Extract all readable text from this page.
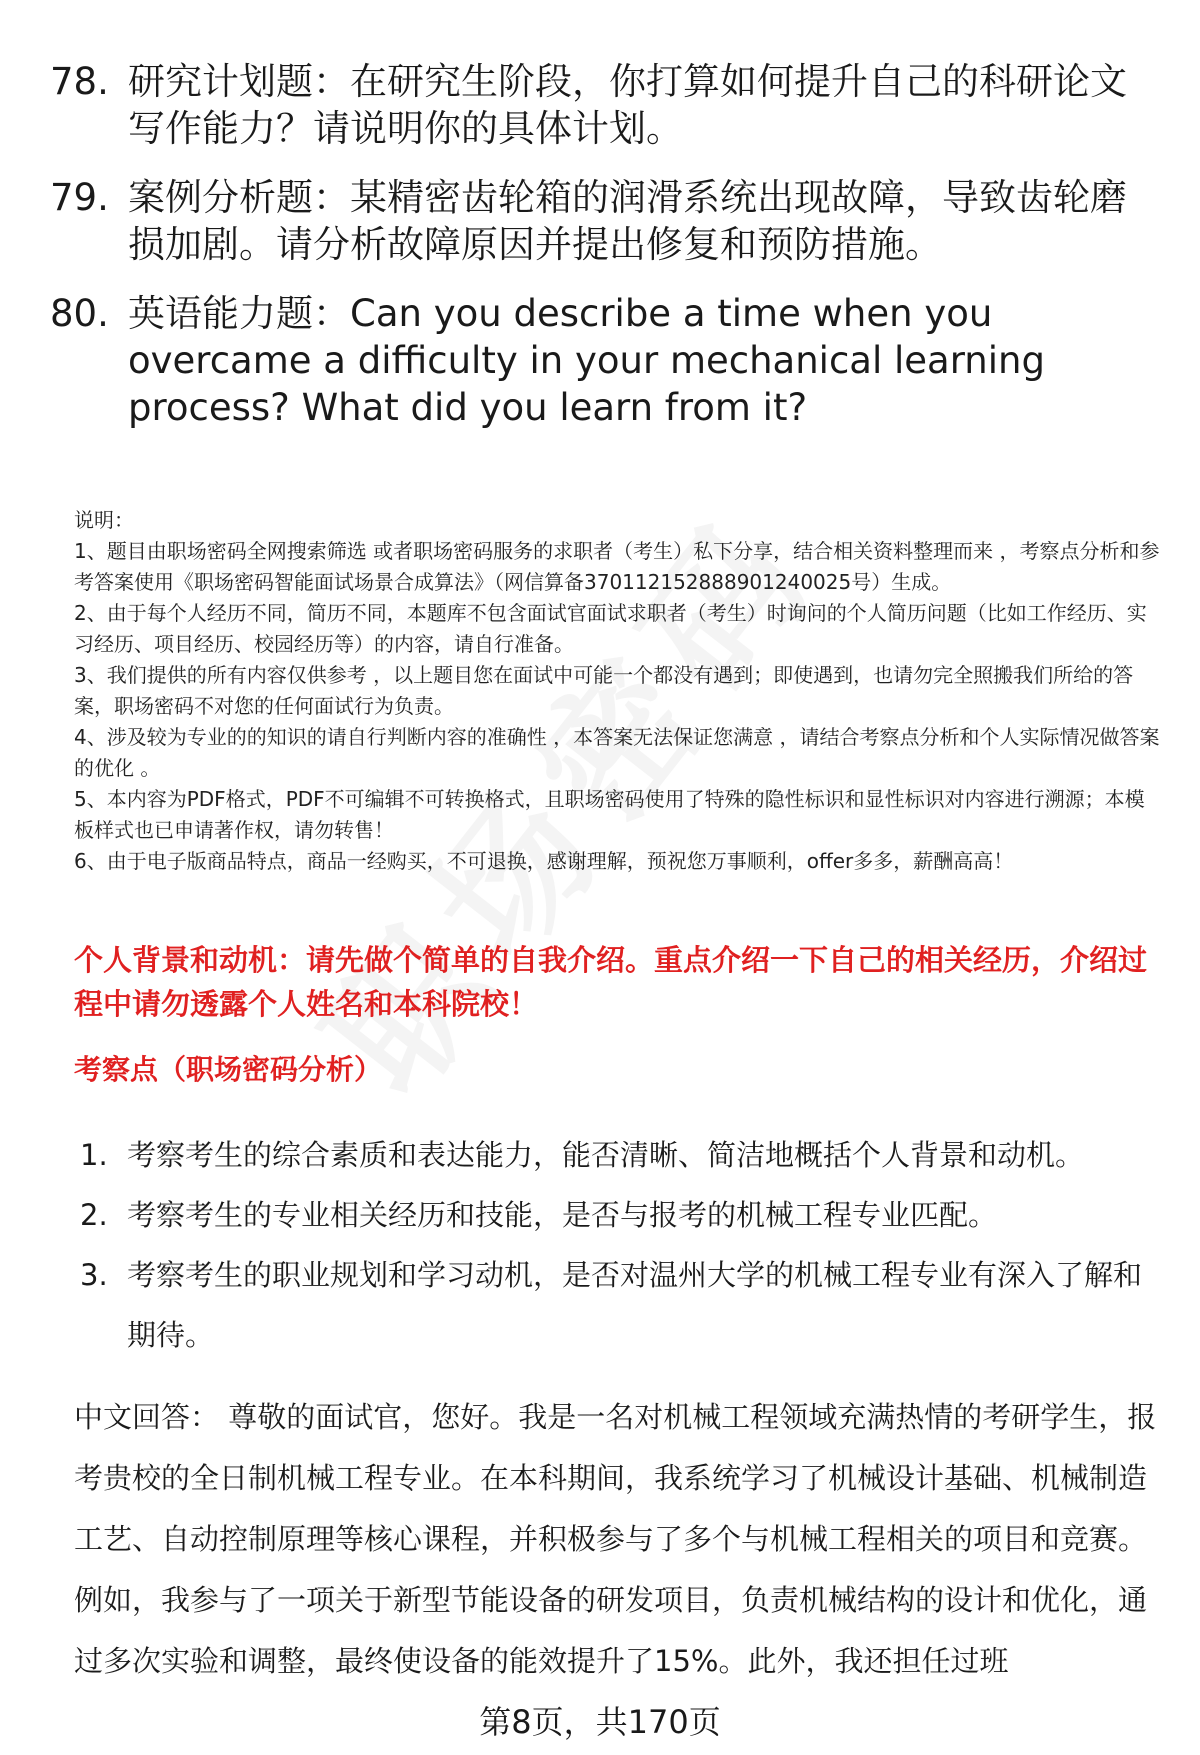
78. 研究计划题：在研究生阶段，你打算如何提升自己的科研论文写作能力？请说明你的具体计划。
79. 案例分析题：某精密齿轮箱的润滑系统出现故障，导致齿轮磨损加剧。请分析故障原因并提出修复和预防措施。
80. 英语能力题：Can you describe a time when you overcame a difficulty in your mechanical learning process? What did you learn from it?
说明：
1、题目由职场密码全网搜索筛选 或者职场密码服务的求职者（考生）私下分享，结合相关资料整理而来 ，考察点分析和参考答案使用《职场密码智能面试场景合成算法》（网信算备370112152888901240025号）生成。
2、由于每个人经历不同，简历不同，本题库不包含面试官面试求职者（考生）时询问的个人简历问题（比如工作经历、实习经历、项目经历、校园经历等）的内容，请自行准备。
3、我们提供的所有内容仅供参考 ，以上题目您在面试中可能一个都没有遇到；即使遇到，也请勿完全照搬我们所给的答案，职场密码不对您的任何面试行为负责。
4、涉及较为专业的的知识的请自行判断内容的准确性 ，本答案无法保证您满意 ，请结合考察点分析和个人实际情况做答案的优化 。
5、本内容为PDF格式，PDF不可编辑不可转换格式，且职场密码使用了特殊的隐性标识和显性标识对内容进行溯源；本模板样式也已申请著作权，请勿转售！
6、由于电子版商品特点，商品一经购买，不可退换，感谢理解，预祝您万事顺利，offer多多，薪酬高高！
个人背景和动机：请先做个简单的自我介绍。重点介绍一下自己的相关经历，介绍过程中请勿透露个人姓名和本科院校！
考察点（职场密码分析）
1. 考察考生的综合素质和表达能力，能否清晰、简洁地概括个人背景和动机。
2. 考察考生的专业相关经历和技能，是否与报考的机械工程专业匹配。
3. 考察考生的职业规划和学习动机，是否对温州大学的机械工程专业有深入了解和期待。
中文回答： 尊敬的面试官，您好。我是一名对机械工程领域充满热情的考研学生，报考贵校的全日制机械工程专业。在本科期间，我系统学习了机械设计基础、机械制造工艺、自动控制原理等核心课程，并积极参与了多个与机械工程相关的项目和竞赛。例如，我参与了一项关于新型节能设备的研发项目，负责机械结构的设计和优化，通过多次实验和调整，最终使设备的能效提升了15%。此外，我还担任过班
第8页，共170页
